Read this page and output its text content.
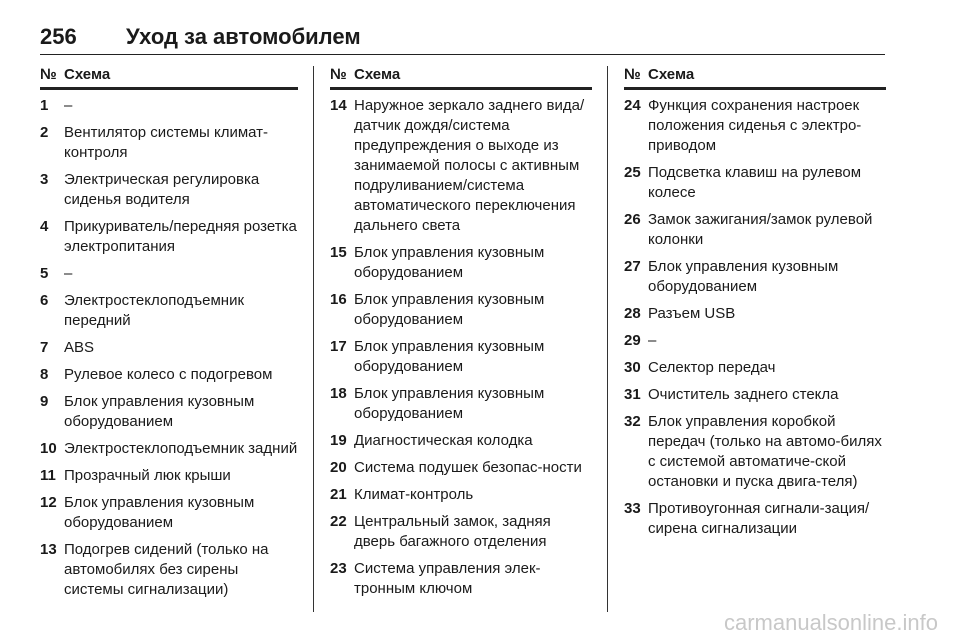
256 Уход за автомобилем
№ Схема
1	–
2	Вентилятор системы климат-контроля
3	Электрическая регулировка сиденья водителя
4	Прикуриватель/передняя розетка электропитания
5	–
6	Электростеклоподъемник передний
7	ABS
8	Рулевое колесо с подогревом
9	Блок управления кузовным оборудованием
10 Электростеклоподъемник задний
11 Прозрачный люк крыши
12 Блок управления кузовным оборудованием
13 Подогрев сидений (только на автомобилях без сирены системы сигнализации)
№ Схема
14 Наружное зеркало заднего вида/датчик дождя/система предупреждения о выходе из занимаемой полосы с активным подруливанием/система автоматического переключения дальнего света
15 Блок управления кузовным оборудованием
16 Блок управления кузовным оборудованием
17 Блок управления кузовным оборудованием
18 Блок управления кузовным оборудованием
19 Диагностическая колодка
20 Система подушек безопас-ности
21 Климат-контроль
22 Центральный замок, задняя дверь багажного отделения
23 Система управления элек-тронным ключом
№ Схема
24 Функция сохранения настроек положения сиденья с электро-приводом
25 Подсветка клавиш на рулевом колесе
26 Замок зажигания/замок рулевой колонки
27 Блок управления кузовным оборудованием
28 Разъем USB
29 –
30 Селектор передач
31 Очиститель заднего стекла
32 Блок управления коробкой передач (только на автомо-билях с системой автоматиче-ской остановки и пуска двига-теля)
33 Противоугонная сигнали-зация/сирена сигнализации
carmanualsonline.info
